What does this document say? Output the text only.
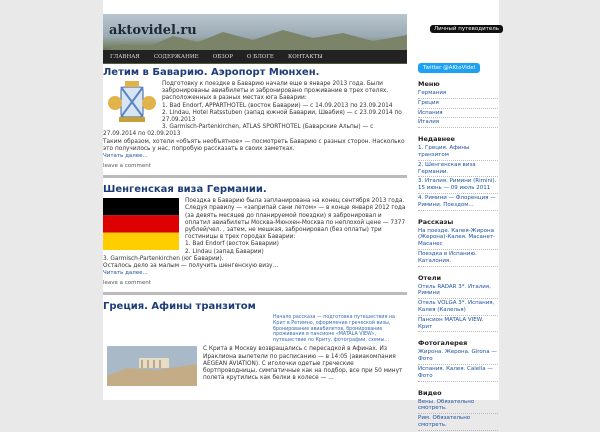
aktovidel.ru
ГЛАВНАЯ	СОДЕРЖАНИЕ	ОБЗОР	О БЛОГЕ	КОНТАКТЫ
Личный путеводитель
Летим в Баварию. Аэропорт Мюнхен.
Подготовку к поездке в Баварию начали еще в январе 2013 года. Были забронированы авиабилеты и забронировано проживание в трех отелях, расположенных в разных местах юга Баварии:
1. Bad Endorf, APPARTHOTEL (восток Баварии) — с 14.09.2013 по 23.09.2014
2. Lindau, Hotel Ratsstuben (запад южной Баварии, Швабия) — с 23.09.2014 по 27.09.2013
3. Garmisch-Partenkirchen, ATLAS SPORTHOTEL (Баварские Альпы) — с 27.09.2014 по 02.09.2013
Таким образом, хотели «объять необъятное» — посмотреть Баварию с разных сторон. Насколько это получилось у нас, попробую рассказать в своих заметках.
Читать далее...
leave a comment
Шенгенская виза Германии.
Поездка в Баварию была запланирована на конец сентября 2013 года. Следуя правилу — «заприпай сани летом» — в конце января 2012 года (за девять месяцев до планируемой поездки) я забронировал и оплатил авиабилеты Москва-Мюнхен-Москва по неплохой цене — 7377 рублей/чел. , затем, не мешкая, забронировал (без оплаты) три гостиницы в трех городах Баварии:
1. Bad Endorf (восток Баварии)
2. Lindau (запад Баварии)
3. Garmisch-Partenkirchen (юг Баварии).
Осталось дело за малым — получить шенгенскую визу…
Читать далее...
leave a comment
Греция. Афины транзитом
Начало рассказа — подготовка путешествия на Крит в Ретимно, оформление греческой визы, бронирование авиабилетов, бронирование проживания в пансионе «MATALA VIEW», путешествие по Криту, фотографии, схемы…
С Крита в Москву возвращались с пересадкой в Афинах. Из Ираклиона вылетели по расписанию — в 14:05 (авиакомпания AEGEAN AVIATION). С иголочки одетые греческие бортпроводницы, симпатичные как на подбор, все при 50 минут полета крутились как белки в колесе — ...
Twitter @AKtoVidel
Меню
Германия
Греция
Испания
Италия
Недавнее
1. Греция. Афины транзитом
2. Шенгенская виза Германии.
3. Италия. Римини (Rimini). 15 июнь — 09 июль 2011
4. Римини — Флоренция — Римини. Поездом...
Рассказы
На поезде. Калея-Жирона (Жерона)-Калея. Масанет-Масанес
Поездка в Испанию. Каталония.
Отели
Отель RADAR 3*. Италия, Римини
Отель VOLGA 3*. Испания, Калея (Калелья)
Пансион MATALA VIEW. Крит
Фотогалерея
Жирона. Жерона. Girona — Фото
Испания. Калея. Calella — Фото
Видео
Вены. Обязательно смотреть.
Рим. Обязательно смотреть.
